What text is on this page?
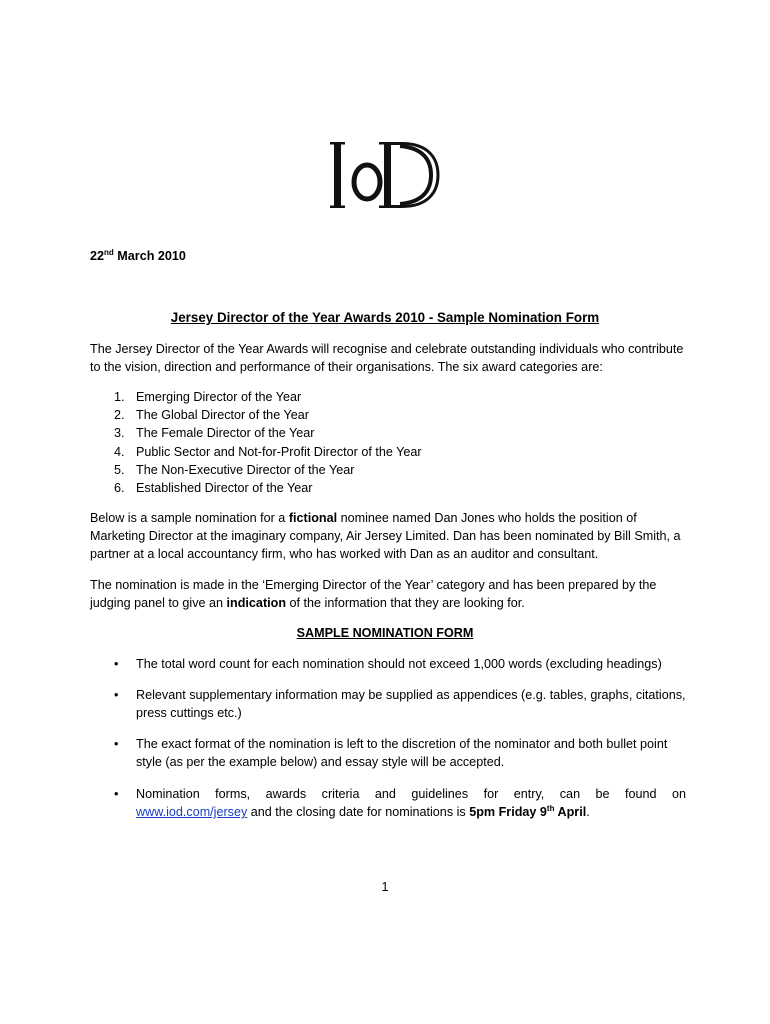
22nd March 2010
Jersey Director of the Year Awards 2010 - Sample Nomination Form
The Jersey Director of the Year Awards will recognise and celebrate outstanding individuals who contribute to the vision, direction and performance of their organisations. The six award categories are:
1. Emerging Director of the Year
2. The Global Director of the Year
3. The Female Director of the Year
4. Public Sector and Not-for-Profit Director of the Year
5. The Non-Executive Director of the Year
6. Established Director of the Year
Below is a sample nomination for a fictional nominee named Dan Jones who holds the position of Marketing Director at the imaginary company, Air Jersey Limited. Dan has been nominated by Bill Smith, a partner at a local accountancy firm, who has worked with Dan as an auditor and consultant.
The nomination is made in the ‘Emerging Director of the Year’ category and has been prepared by the judging panel to give an indication of the information that they are looking for.
SAMPLE NOMINATION FORM
• The total word count for each nomination should not exceed 1,000 words (excluding headings)
• Relevant supplementary information may be supplied as appendices (e.g. tables, graphs, citations, press cuttings etc.)
• The exact format of the nomination is left to the discretion of the nominator and both bullet point style (as per the example below) and essay style will be accepted.
• Nomination forms, awards criteria and guidelines for entry, can be found on
www.iod.com/jersey and the closing date for nominations is 5pm Friday 9th April.
1
